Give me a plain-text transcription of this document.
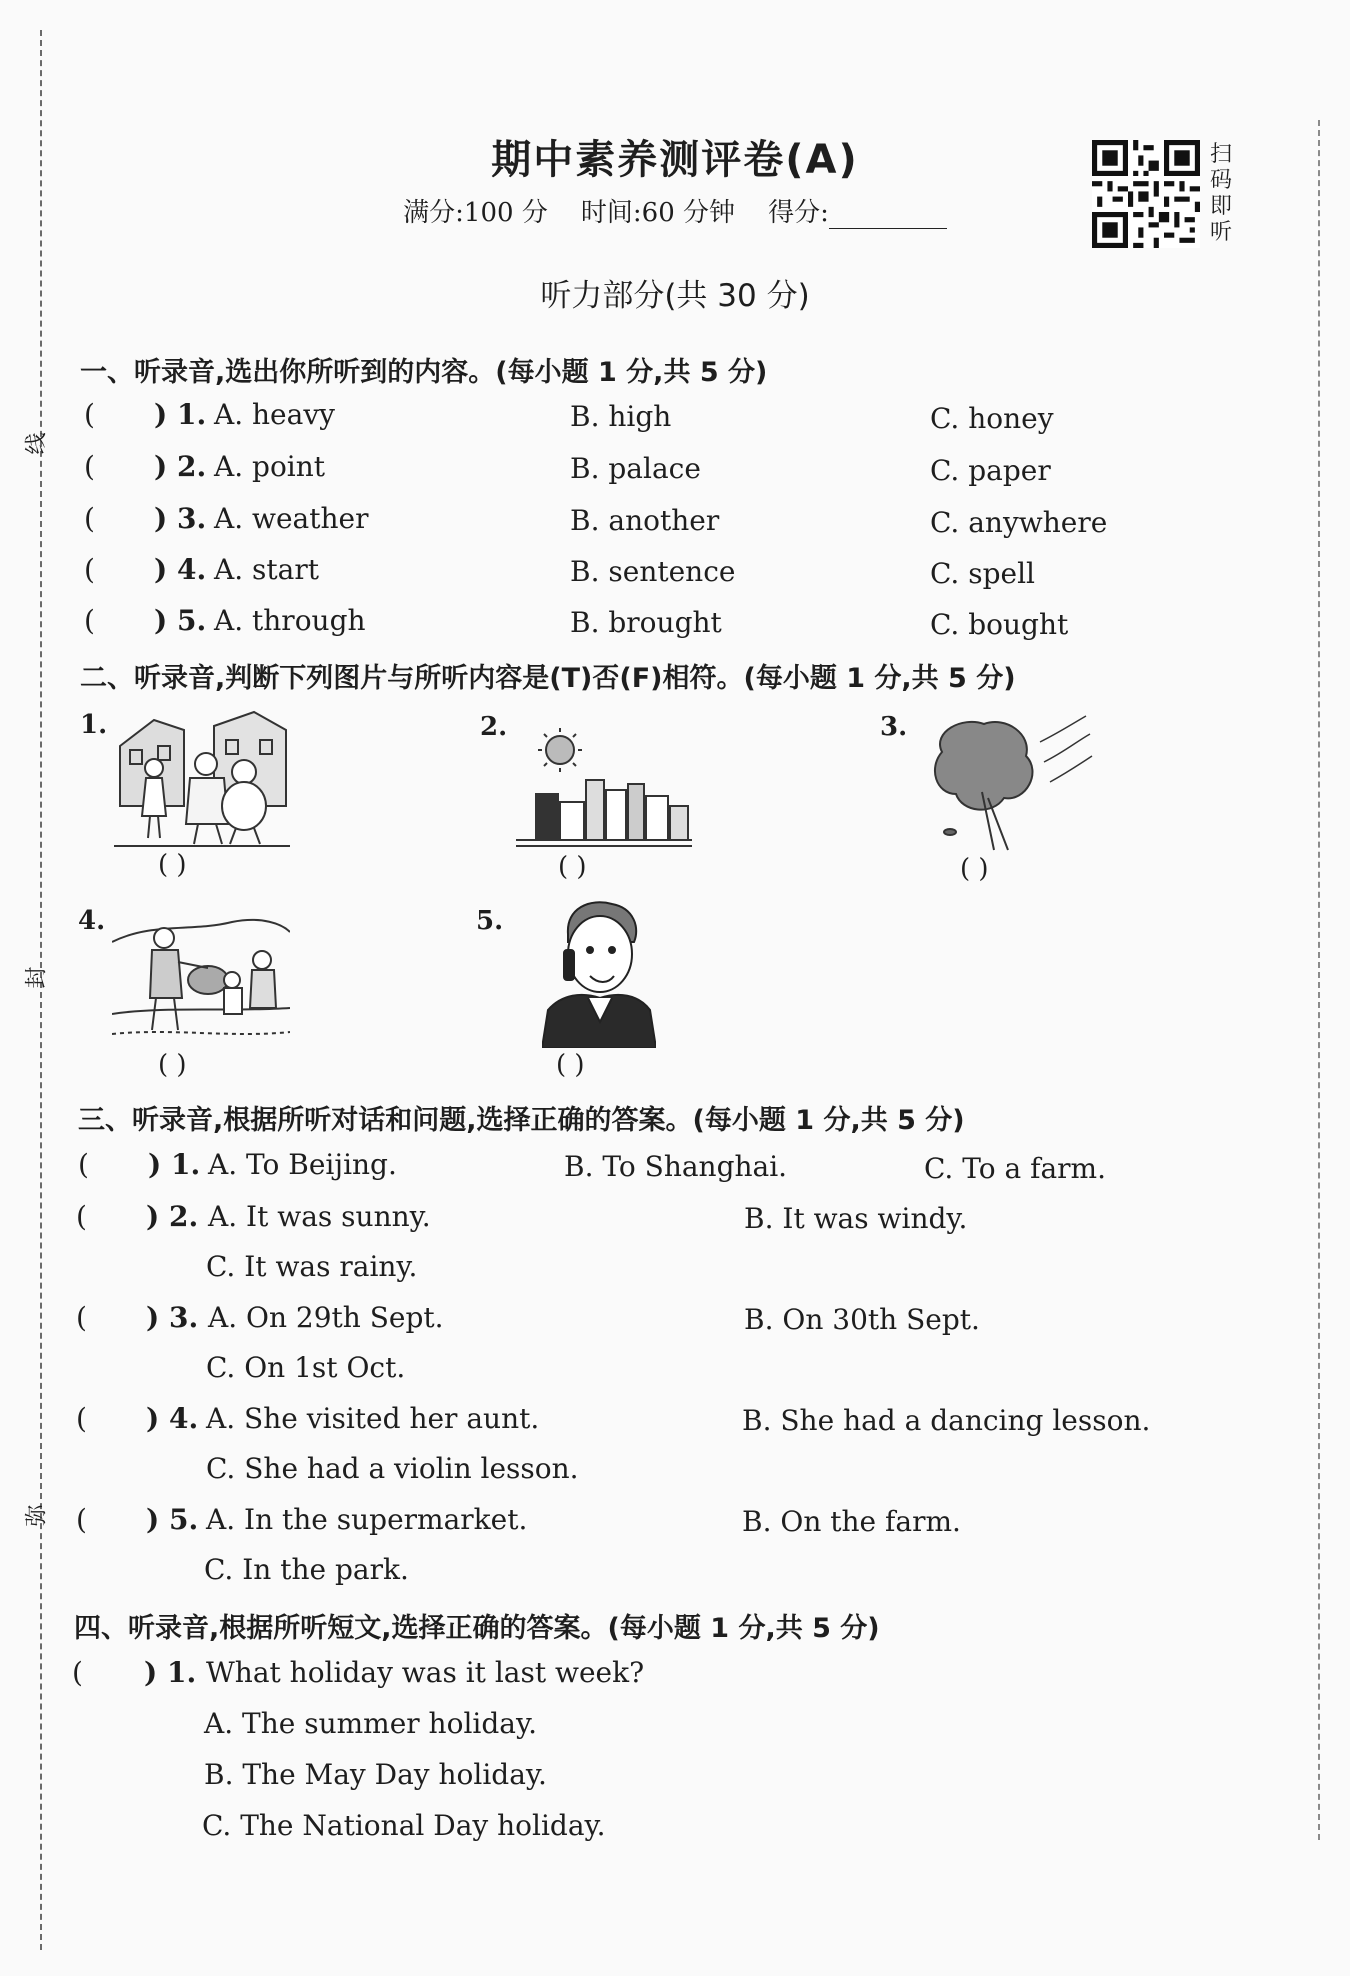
线
封
弥
期中素养测评卷(A)
满分:100 分 时间:60 分钟 得分:
扫码即听
听力部分(共 30 分)
一、听录音,选出你所听到的内容。(每小题 1 分,共 5 分)
( ) 1. A. heavy	B. high	C. honey
( ) 2. A. point	B. palace	C. paper
( ) 3. A. weather	B. another	C. anywhere
( ) 4. A. start	B. sentence	C. spell
( ) 5. A. through	B. brought	C. bought
二、听录音,判断下列图片与所听内容是(T)否(F)相符。(每小题 1 分,共 5 分)
1.
( )
2.
( )
3.
( )
4.
( )
5.
( )
三、听录音,根据所听对话和问题,选择正确的答案。(每小题 1 分,共 5 分)
( ) 1. A. To Beijing.	B. To Shanghai.	C. To a farm.
( ) 2. A. It was sunny.	B. It was windy.
C. It was rainy.
( ) 3. A. On 29th Sept.	B. On 30th Sept.
C. On 1st Oct.
( ) 4. A. She visited her aunt.	B. She had a dancing lesson.
C. She had a violin lesson.
( ) 5. A. In the supermarket.	B. On the farm.
C. In the park.
四、听录音,根据所听短文,选择正确的答案。(每小题 1 分,共 5 分)
( ) 1. What holiday was it last week?
A. The summer holiday.
B. The May Day holiday.
C. The National Day holiday.
